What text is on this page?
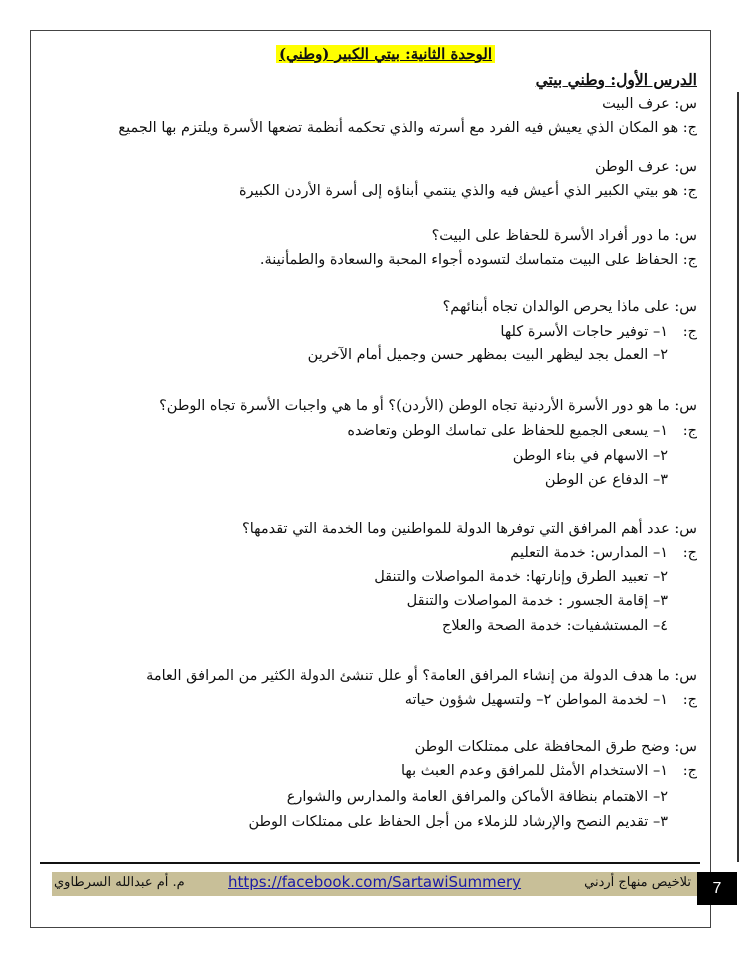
الوحدة الثانية: بيتي الكبير (وطني)
الدرس الأول: وطني بيتي
س: عرف البيت
ج: هو المكان الذي يعيش فيه الفرد مع أسرته والذي تحكمه أنظمة تضعها الأسرة ويلتزم بها الجميع
س: عرف الوطن
ج: هو بيتي الكبير الذي أعيش فيه والذي ينتمي أبناؤه إلى أسرة الأردن الكبيرة
س: ما دور أفراد الأسرة للحفاظ على البيت؟
ج: الحفاظ على البيت متماسك لتسوده أجواء المحبة والسعادة والطمأنينة.
س: على ماذا يحرص الوالدان تجاه أبنائهم؟
ج:
١– توفير حاجات الأسرة كلها
٢– العمل بجد ليظهر البيت بمظهر حسن وجميل أمام الآخرين
س: ما هو دور الأسرة الأردنية تجاه الوطن (الأردن)؟ أو ما هي واجبات الأسرة تجاه الوطن؟
ج:
١– يسعى الجميع للحفاظ على تماسك الوطن وتعاضده
٢– الاسهام في بناء الوطن
٣– الدفاع عن الوطن
س: عدد أهم المرافق التي توفرها الدولة للمواطنين وما الخدمة التي تقدمها؟
ج:
١– المدارس: خدمة التعليم
٢– تعبيد الطرق وإنارتها: خدمة المواصلات والتنقل
٣– إقامة الجسور : خدمة المواصلات والتنقل
٤– المستشفيات: خدمة الصحة والعلاج
س: ما هدف الدولة من إنشاء المرافق العامة؟ أو علل تنشئ الدولة الكثير من المرافق العامة
ج:
١– لخدمة المواطن ٢– ولتسهيل شؤون حياته
س: وضح طرق المحافظة على ممتلكات الوطن
ج:
١– الاستخدام الأمثل للمرافق وعدم العبث بها
٢– الاهتمام بنظافة الأماكن والمرافق العامة والمدارس والشوارع
٣– تقديم النصح والإرشاد للزملاء من أجل الحفاظ على ممتلكات الوطن
تلاخيص منهاج أردني
https://facebook.com/SartawiSummery
م. أم عبدالله السرطاوي	7
